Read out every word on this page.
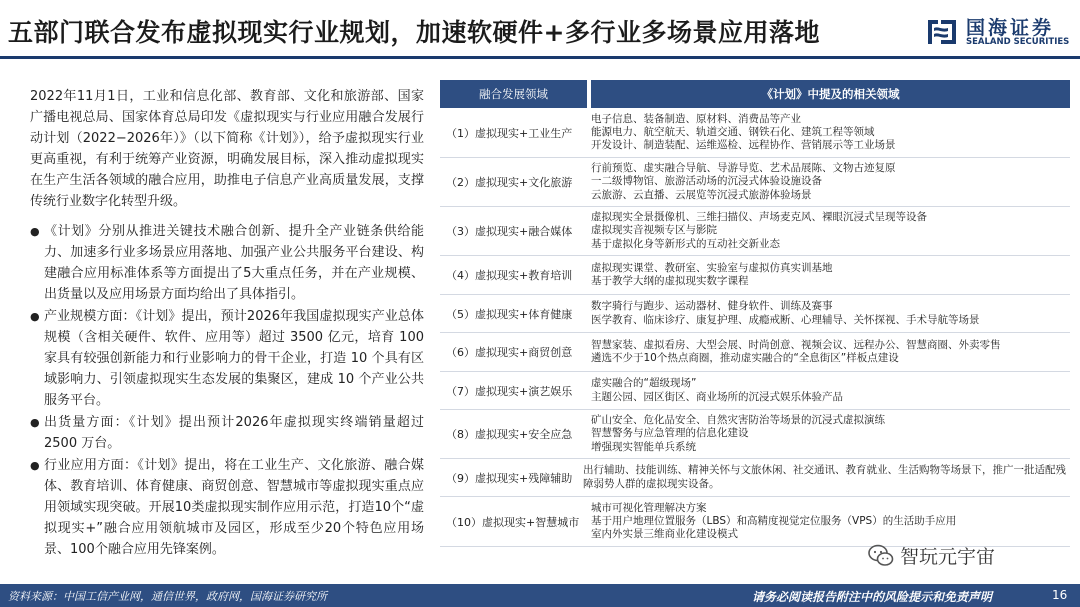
五部门联合发布虚拟现实行业规划，加速软硬件+多行业多场景应用落地	国海证券
SEALAND SECURITIES

2022年11月1日，工业和信息化部、教育部、文化和旅游部、国家广播电视总局、国家体育总局印发《虚拟现实与行业应用融合发展行动计划（2022−2026年）》（以下简称《计划》），给予虚拟现实行业更高重视，有利于统筹产业资源，明确发展目标，深入推动虚拟现实在生产生活各领域的融合应用，助推电子信息产业高质量发展，支撑传统行业数字化转型升级。

● 《计划》分别从推进关键技术融合创新、提升全产业链条供给能力、加速多行业多场景应用落地、加强产业公共服务平台建设、构建融合应用标准体系等方面提出了5大重点任务，并在产业规模、出货量以及应用场景方面均给出了具体指引。
● 产业规模方面：《计划》提出，预计2026年我国虚拟现实产业总体规模（含相关硬件、软件、应用等）超过 3500 亿元，培育 100 家具有较强创新能力和行业影响力的骨干企业，打造 10 个具有区域影响力、引领虚拟现实生态发展的集聚区，建成 10 个产业公共服务平台。
● 出货量方面：《计划》提出预计2026年虚拟现实终端销量超过2500 万台。
● 行业应用方面：《计划》提出，将在工业生产、文化旅游、融合媒体、教育培训、体育健康、商贸创意、智慧城市等虚拟现实重点应用领域实现突破。开展10类虚拟现实制作应用示范，打造10个“虚拟现实+”融合应用领航城市及园区，形成至少20个特色应用场景、100个融合应用先锋案例。
融合发展领域	《计划》中提及的相关领域
（1）虚拟现实+工业生产
电子信息、装备制造、原材料、消费品等产业
能源电力、航空航天、轨道交通、钢铁石化、建筑工程等领域
开发设计、制造装配、运维巡检、远程协作、营销展示等工业场景
（2）虚拟现实+文化旅游
行前预览、虚实融合导航、导游导览、艺术品展陈、文物古迹复原
一二级博物馆、旅游活动场的沉浸式体验设施设备
云旅游、云直播、云展览等沉浸式旅游体验场景
（3）虚拟现实+融合媒体
虚拟现实全景摄像机、三维扫描仪、声场麦克风、裸眼沉浸式呈现等设备
虚拟现实音视频专区与影院
基于虚拟化身等新形式的互动社交新业态
（4）虚拟现实+教育培训
虚拟现实课堂、教研室、实验室与虚拟仿真实训基地
基于教学大纲的虚拟现实数字课程
（5）虚拟现实+体育健康
数字骑行与跑步、运动器材、健身软件、训练及赛事
医学教育、临床诊疗、康复护理、成瘾戒断、心理辅导、关怀探视、手术导航等场景
（6）虚拟现实+商贸创意
智慧家装、虚拟看房、大型会展、时尚创意、视频会议、远程办公、智慧商圈、外卖零售
遴选不少于10个热点商圈，推动虚实融合的“全息街区”样板点建设
（7）虚拟现实+演艺娱乐
虚实融合的“超级现场”
主题公园、园区街区、商业场所的沉浸式娱乐体验产品
（8）虚拟现实+安全应急
矿山安全、危化品安全、自然灾害防治等场景的沉浸式虚拟演练
智慧警务与应急管理的信息化建设
增强现实智能单兵系统
（9）虚拟现实+残障辅助
出行辅助、技能训练、精神关怀与文旅休闲、社交通讯、教育就业、生活购物等场景下，推广一批适配残
障弱势人群的虚拟现实设备。
（10）虚拟现实+智慧城市
城市可视化管理解决方案
基于用户地理位置服务（LBS）和高精度视觉定位服务（VPS）的生活助手应用
室内外实景三维商业化建设模式
智玩元宇宙
资料来源：中国工信产业网，通信世界，政府网，国海证券研究所	请务必阅读报告附注中的风险提示和免责声明	16
